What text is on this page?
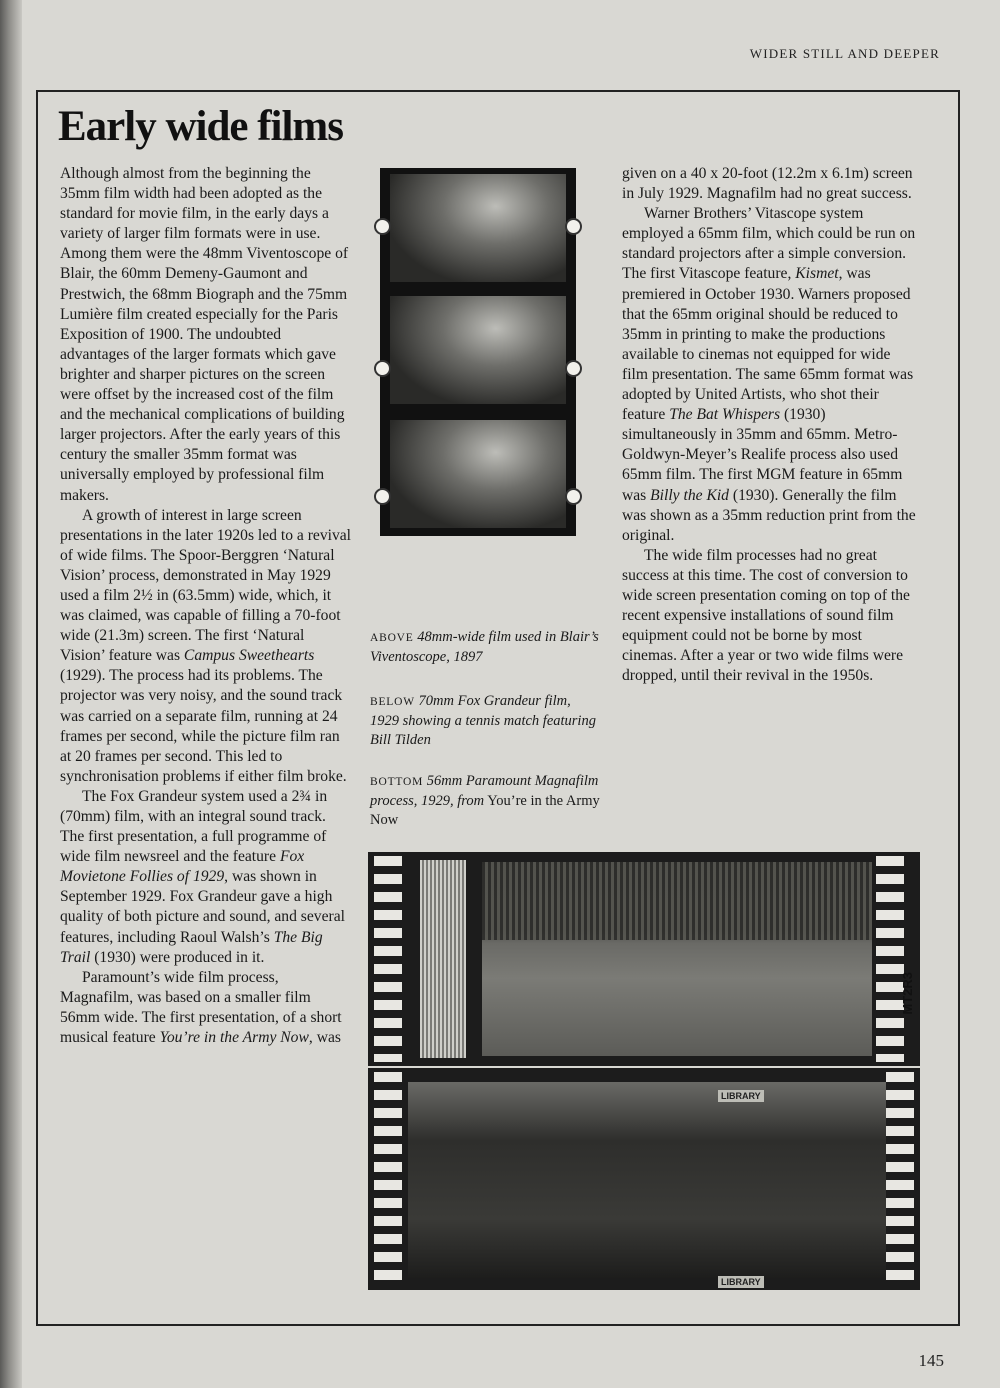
WIDER STILL AND DEEPER
Early wide films

Although almost from the beginning the 35mm film width had been adopted as the standard for movie film, in the early days a variety of larger film formats were in use. Among them were the 48mm Viventoscope of Blair, the 60mm Demeny-Gaumont and Prestwich, the 68mm Biograph and the 75mm Lumière film created especially for the Paris Exposition of 1900. The undoubted advantages of the larger formats which gave brighter and sharper pictures on the screen were offset by the increased cost of the film and the mechanical complications of building larger projectors. After the early years of this century the smaller 35mm format was universally employed by professional film makers.

A growth of interest in large screen presentations in the later 1920s led to a revival of wide films. The Spoor-Berggren ‘Natural Vision’ process, demonstrated in May 1929 used a film 2½ in (63.5mm) wide, which, it was claimed, was capable of filling a 70-foot wide (21.3m) screen. The first ‘Natural Vision’ feature was Campus Sweethearts (1929). The process had its problems. The projector was very noisy, and the sound track was carried on a separate film, running at 24 frames per second, while the picture film ran at 20 frames per second. This led to synchronisation problems if either film broke.

The Fox Grandeur system used a 2¾ in (70mm) film, with an integral sound track. The first presentation, a full programme of wide film newsreel and the feature Fox Movietone Follies of 1929, was shown in September 1929. Fox Grandeur gave a high quality of both picture and sound, and several features, including Raoul Walsh’s The Big Trail (1930) were produced in it.

Paramount’s wide film process, Magnafilm, was based on a smaller film 56mm wide. The first presentation, of a short musical feature You’re in the Army Now, was

given on a 40 x 20-foot (12.2m x 6.1m) screen in July 1929. Magnafilm had no great success.

Warner Brothers’ Vitascope system employed a 65mm film, which could be run on standard projectors after a simple conversion. The first Vitascope feature, Kismet, was premiered in October 1930. Warners proposed that the 65mm original should be reduced to 35mm in printing to make the productions available to cinemas not equipped for wide film presentation. The same 65mm format was adopted by United Artists, who shot their feature The Bat Whispers (1930) simultaneously in 35mm and 65mm. Metro-Goldwyn-Meyer’s Realife process also used 65mm film. The first MGM feature in 65mm was Billy the Kid (1930). Generally the film was shown as a 35mm reduction print from the original.

The wide film processes had no great success at this time. The cost of conversion to wide screen presentation coming on top of the recent expensive installations of sound film equipment could not be borne by most cinemas. After a year or two wide films were dropped, until their revival in the 1950s.

ABOVE 48mm-wide film used in Blair’s Viventoscope, 1897
BELOW 70mm Fox Grandeur film, 1929 showing a tennis match featuring Bill Tilden
BOTTOM 56mm Paramount Magnafilm process, 1929, from You’re in the Army Now
MT2R3
LIBRARY
LIBRARY
145
